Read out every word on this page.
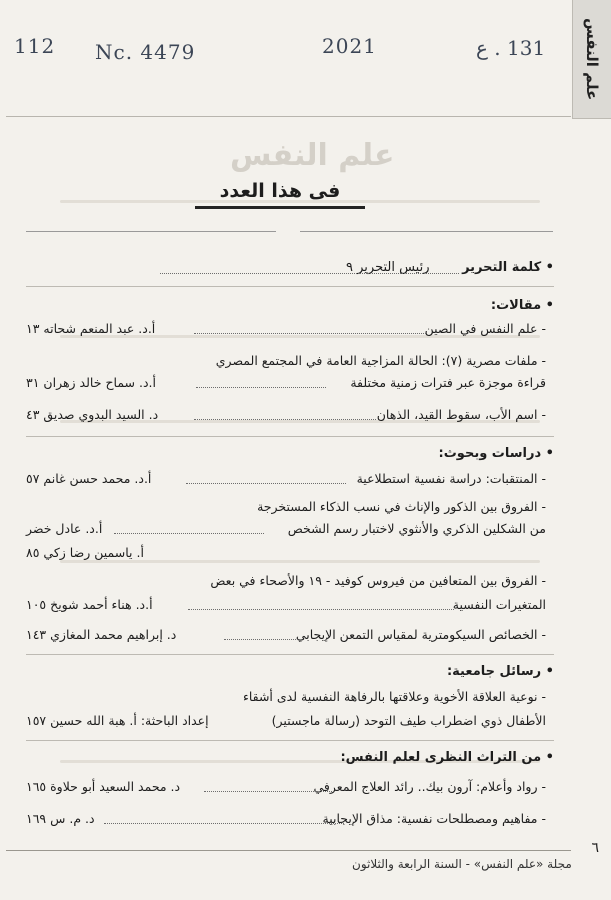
علم النفس
علم النفس
112 Nc. 4479	2021	131 . ع
فى هذا العدد
• كلمة التحرير
رئيس التحرير ٩
• مقالات:
- علم النفس في الصين
أ.د. عبد المنعم شحاته ١٣
- ملفات مصرية (٧): الحالة المزاجية العامة في المجتمع المصري
قراءة موجزة عبر فترات زمنية مختلفة
أ.د. سماح خالد زهران ٣١
- اسم الأب، سقوط القيد، الذهان
د. السيد البدوي صديق ٤٣
• دراسات وبحوث:
- المنتقبات: دراسة نفسية استطلاعية
أ.د. محمد حسن غانم ٥٧
- الفروق بين الذكور والإناث في نسب الذكاء المستخرجة
من الشكلين الذكري والأنثوي لاختبار رسم الشخص
أ.د. عادل خضر
أ. ياسمين رضا زكي ٨٥
- الفروق بين المتعافين من فيروس كوفيد - ١٩ والأصحاء في بعض
المتغيرات النفسية
أ.د. هناء أحمد شويخ ١٠٥
- الخصائص السيكومترية لمقياس التمعن الإيجابي
د. إبراهيم محمد المغازي ١٤٣
• رسائل جامعية:
- نوعية العلاقة الأخوية وعلاقتها بالرفاهة النفسية لدى أشقاء
الأطفال ذوي اضطراب طيف التوحد (رسالة ماجستير)
إعداد الباحثة: أ. هبة الله حسين ١٥٧
• من التراث النظرى لعلم النفس:
- رواد وأعلام: آرون بيك.. رائد العلاج المعرفي
د. محمد السعيد أبو حلاوة ١٦٥
- مفاهيم ومصطلحات نفسية: مذاق الإيجابية
د. م. س ١٦٩
مجلة «علم النفس» - السنة الرابعة والثلاثون
٦
